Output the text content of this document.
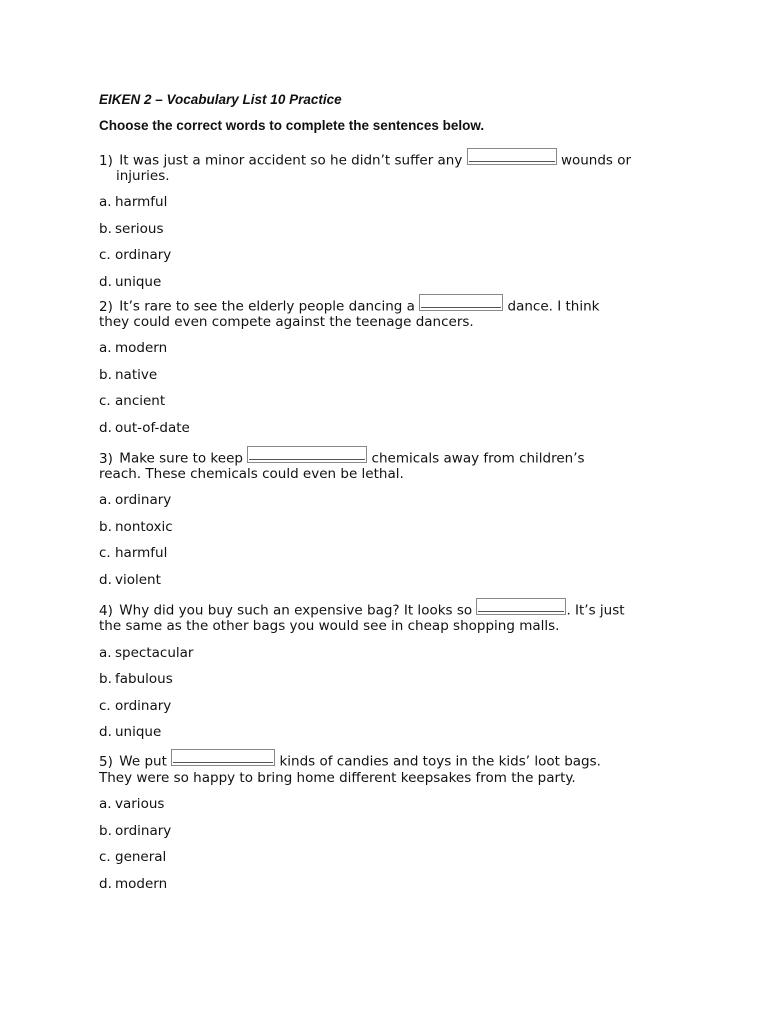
EIKEN 2 – Vocabulary List 10 Practice

Choose the correct words to complete the sentences below.

1) It was just a minor accident so he didn’t suffer any	wounds or
injuries.
a. harmful
b. serious
c. ordinary
d. unique
2) It’s rare to see the elderly people dancing a	dance. I think
they could even compete against the teenage dancers.
a. modern
b. native
c. ancient
d. out-of-date
3) Make sure to keep	chemicals away from children’s
reach. These chemicals could even be lethal.
a. ordinary
b. nontoxic
c. harmful
d. violent
4) Why did you buy such an expensive bag? It looks so	. It’s just
the same as the other bags you would see in cheap shopping malls.
a. spectacular
b. fabulous
c. ordinary
d. unique
5) We put	kinds of candies and toys in the kids’ loot bags.
They were so happy to bring home different keepsakes from the party.
a. various
b. ordinary
c. general
d. modern
